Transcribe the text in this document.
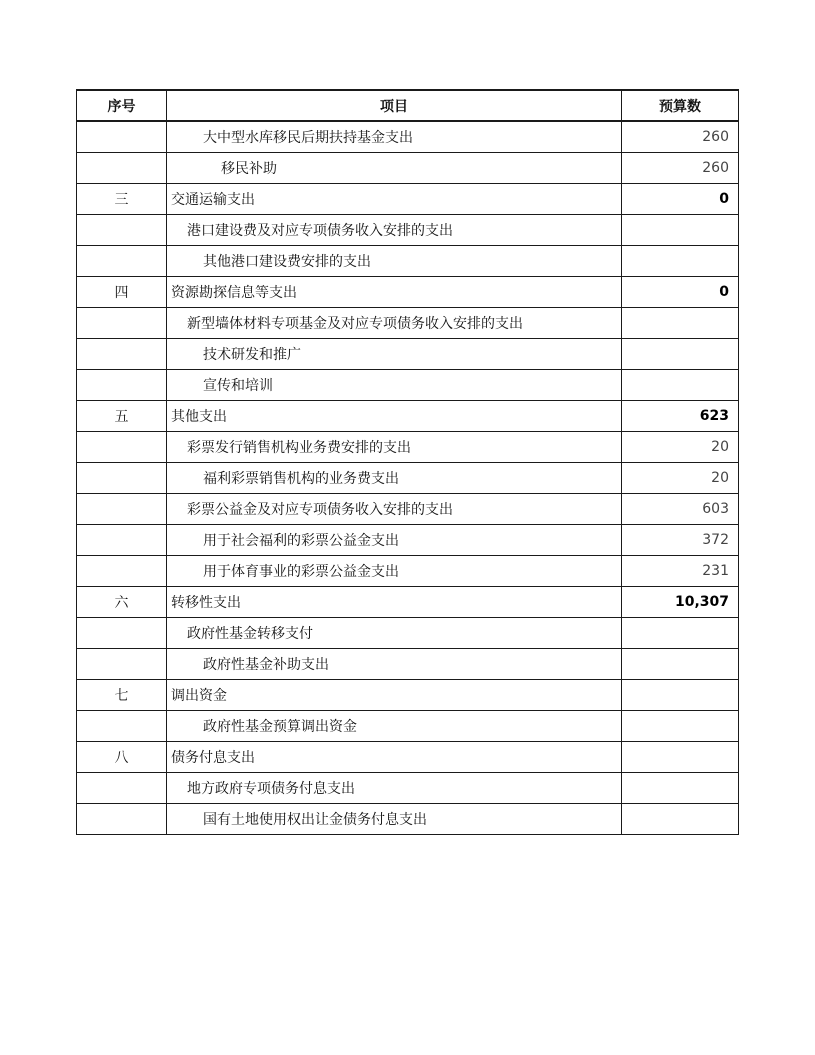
序号	项目	预算数
	大中型水库移民后期扶持基金支出	260
	移民补助	260
三	交通运输支出	0
	港口建设费及对应专项债务收入安排的支出	
	其他港口建设费安排的支出	
四	资源勘探信息等支出	0
	新型墙体材料专项基金及对应专项债务收入安排的支出	
	技术研发和推广	
	宣传和培训	
五	其他支出	623
	彩票发行销售机构业务费安排的支出	20
	福利彩票销售机构的业务费支出	20
	彩票公益金及对应专项债务收入安排的支出	603
	用于社会福利的彩票公益金支出	372
	用于体育事业的彩票公益金支出	231
六	转移性支出	10,307
	政府性基金转移支付	
	政府性基金补助支出	
七	调出资金	
	政府性基金预算调出资金	
八	债务付息支出	
	地方政府专项债务付息支出	
	国有土地使用权出让金债务付息支出	
